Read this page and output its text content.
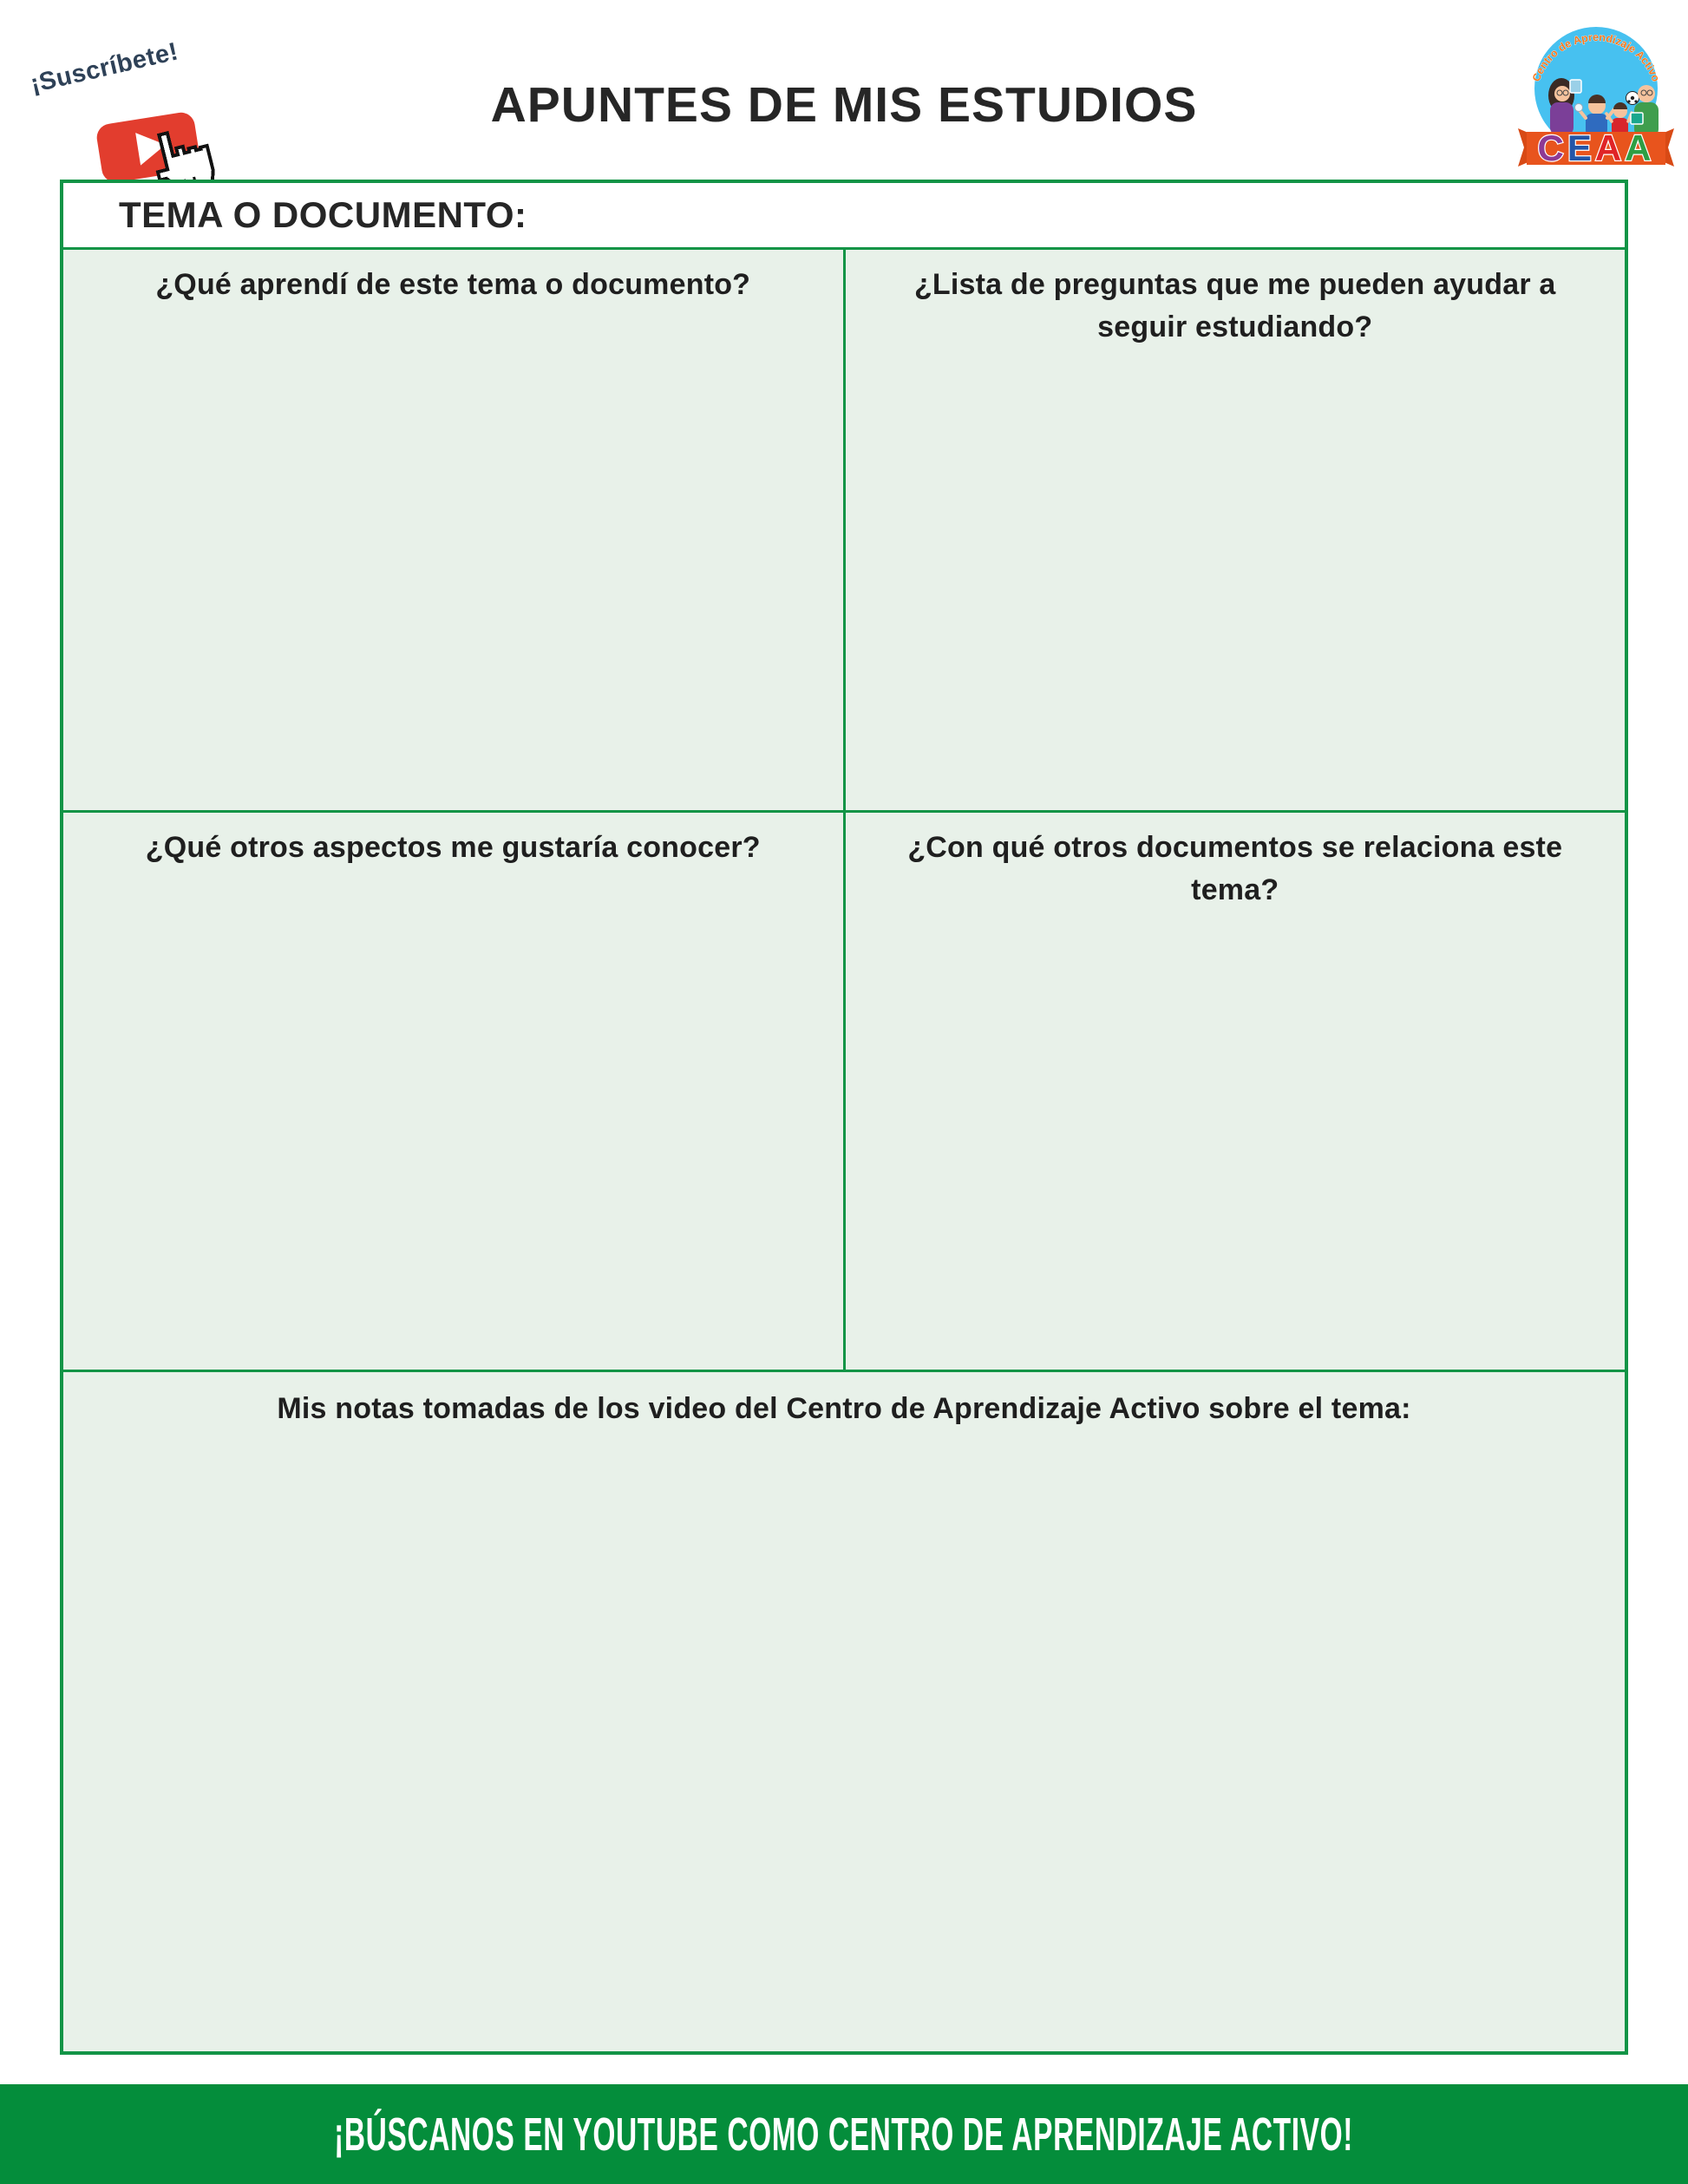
¡Suscríbete!
APUNTES DE MIS ESTUDIOS	Centro de Aprendizaje Activo
CEAA
TEMA O DOCUMENTO:
¿Qué aprendí de este tema o documento?	¿Lista de preguntas que me pueden ayudar a seguir estudiando?
¿Qué otros aspectos me gustaría conocer?	¿Con qué otros documentos se relaciona este tema?
Mis notas tomadas de los video del Centro de Aprendizaje Activo sobre el tema:
¡BÚSCANOS EN YOUTUBE COMO CENTRO DE APRENDIZAJE ACTIVO!
